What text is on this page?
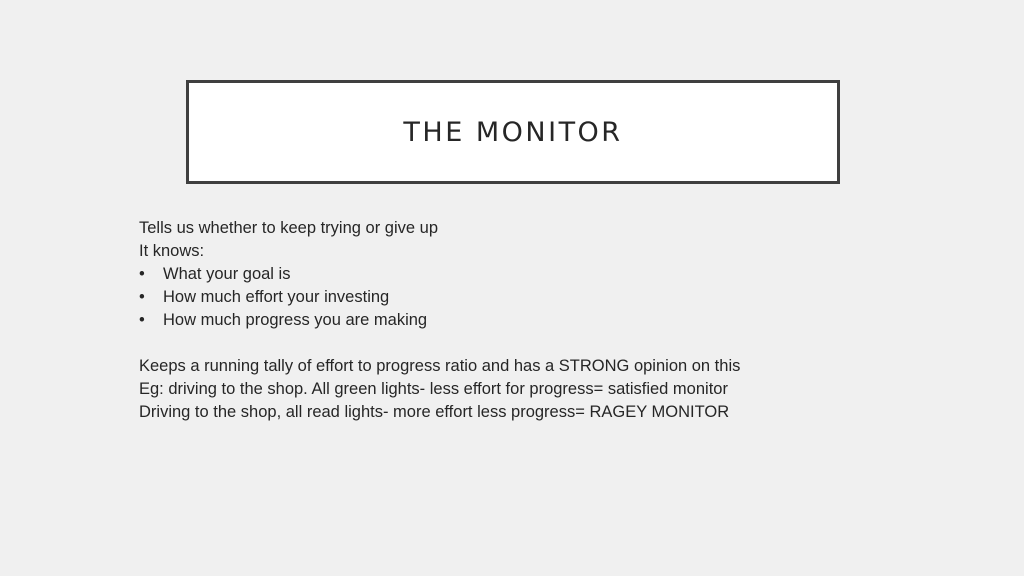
THE MONITOR
Tells us whether to keep trying or give up
It knows:
• What your goal is
• How much effort your investing
• How much progress you are making
Keeps a running tally of effort to progress ratio and has a STRONG opinion on this
Eg: driving to the shop. All green lights- less effort for progress= satisfied monitor
Driving to the shop, all read lights- more effort less progress= RAGEY MONITOR
